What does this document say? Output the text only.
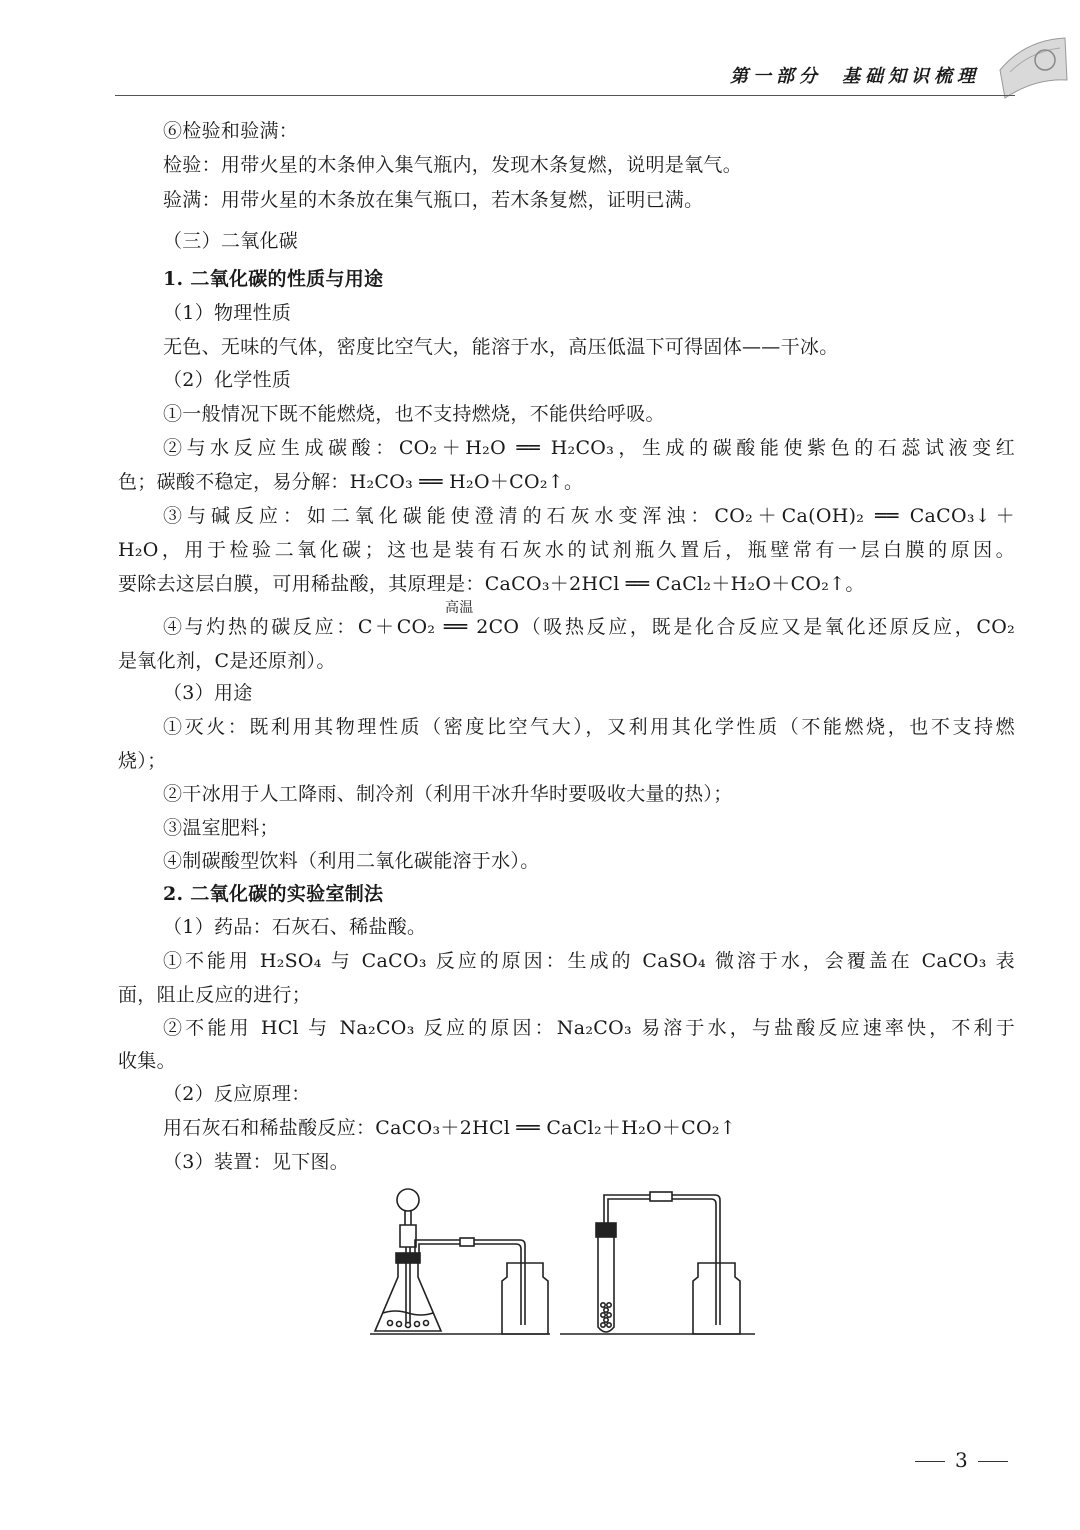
第一部分 基础知识梳理
⑥检验和验满：
检验：用带火星的木条伸入集气瓶内，发现木条复燃，说明是氧气。
验满：用带火星的木条放在集气瓶口，若木条复燃，证明已满。
（三）二氧化碳
1. 二氧化碳的性质与用途
（1）物理性质
无色、无味的气体，密度比空气大，能溶于水，高压低温下可得固体——干冰。
（2）化学性质
①一般情况下既不能燃烧，也不支持燃烧，不能供给呼吸。
②与水反应生成碳酸：CO₂＋H₂O ══ H₂CO₃，生成的碳酸能使紫色的石蕊试液变红
色；碳酸不稳定，易分解：H₂CO₃ ══ H₂O＋CO₂↑。
③与碱反应：如二氧化碳能使澄清的石灰水变浑浊：CO₂＋Ca(OH)₂ ══ CaCO₃↓＋
H₂O，用于检验二氧化碳；这也是装有石灰水的试剂瓶久置后，瓶壁常有一层白膜的原因。
要除去这层白膜，可用稀盐酸，其原理是：CaCO₃＋2HCl ══ CaCl₂＋H₂O＋CO₂↑。
④与灼热的碳反应：C＋CO₂ ══ 2CO（吸热反应，既是化合反应又是氧化还原反应，CO₂
是氧化剂，C是还原剂）。
高温
（3）用途
①灭火：既利用其物理性质（密度比空气大），又利用其化学性质（不能燃烧，也不支持燃
烧）；
②干冰用于人工降雨、制冷剂（利用干冰升华时要吸收大量的热）；
③温室肥料；
④制碳酸型饮料（利用二氧化碳能溶于水）。
2. 二氧化碳的实验室制法
（1）药品：石灰石、稀盐酸。
①不能用 H₂SO₄ 与 CaCO₃ 反应的原因：生成的 CaSO₄ 微溶于水，会覆盖在 CaCO₃ 表
面，阻止反应的进行；
②不能用 HCl 与 Na₂CO₃ 反应的原因：Na₂CO₃ 易溶于水，与盐酸反应速率快，不利于
收集。
（2）反应原理：
用石灰石和稀盐酸反应：CaCO₃＋2HCl ══ CaCl₂＋H₂O＋CO₂↑
（3）装置：见下图。
3
